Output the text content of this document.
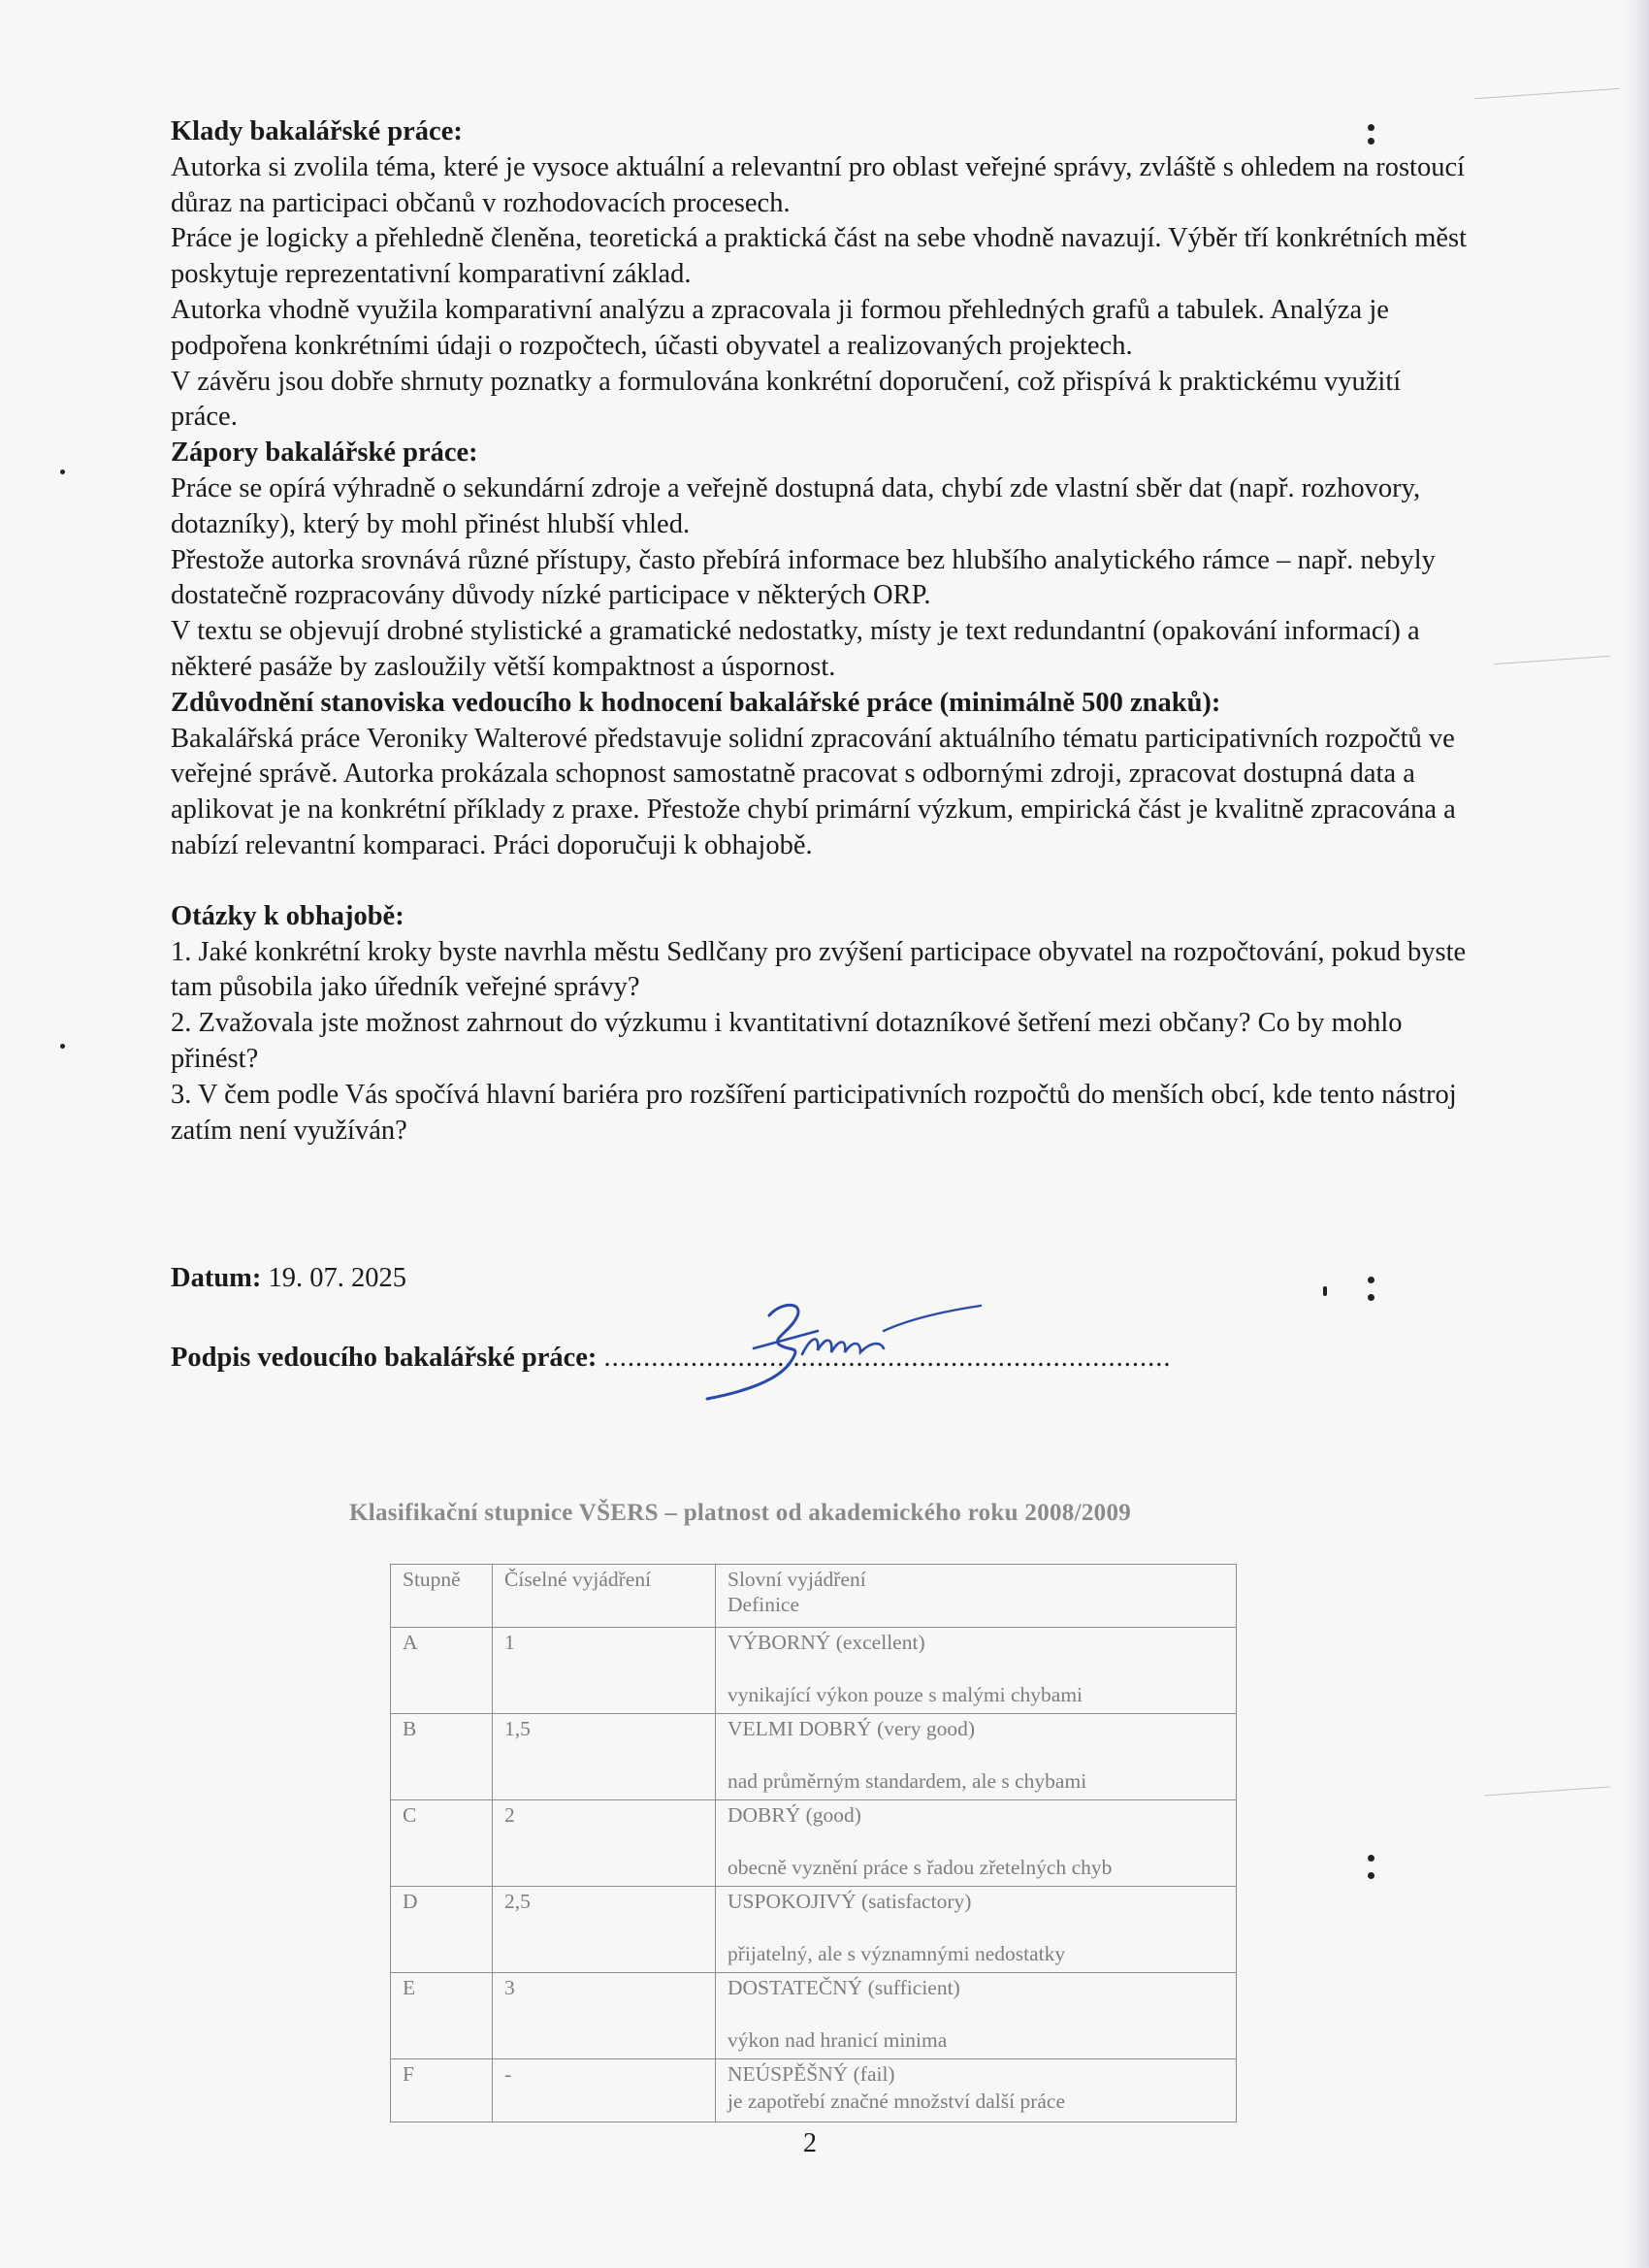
Klady bakalářské práce:

Autorka si zvolila téma, které je vysoce aktuální a relevantní pro oblast veřejné správy, zvláště s ohledem na rostoucí důraz na participaci občanů v rozhodovacích procesech.

Práce je logicky a přehledně členěna, teoretická a praktická část na sebe vhodně navazují. Výběr tří konkrétních měst poskytuje reprezentativní komparativní základ.

Autorka vhodně využila komparativní analýzu a zpracovala ji formou přehledných grafů a tabulek. Analýza je podpořena konkrétními údaji o rozpočtech, účasti obyvatel a realizovaných projektech.

V závěru jsou dobře shrnuty poznatky a formulována konkrétní doporučení, což přispívá k praktickému využití práce.

Zápory bakalářské práce:

Práce se opírá výhradně o sekundární zdroje a veřejně dostupná data, chybí zde vlastní sběr dat (např. rozhovory, dotazníky), který by mohl přinést hlubší vhled.

Přestože autorka srovnává různé přístupy, často přebírá informace bez hlubšího analytického rámce – např. nebyly dostatečně rozpracovány důvody nízké participace v některých ORP.

V textu se objevují drobné stylistické a gramatické nedostatky, místy je text redundantní (opakování informací) a některé pasáže by zasloužily větší kompaktnost a úspornost.

Zdůvodnění stanoviska vedoucího k hodnocení bakalářské práce (minimálně 500 znaků):

Bakalářská práce Veroniky Walterové představuje solidní zpracování aktuálního tématu participativních rozpočtů ve veřejné správě. Autorka prokázala schopnost samostatně pracovat s odbornými zdroji, zpracovat dostupná data a aplikovat je na konkrétní příklady z praxe. Přestože chybí primární výzkum, empirická část je kvalitně zpracována a nabízí relevantní komparaci. Práci doporučuji k obhajobě.

Otázky k obhajobě:

1. Jaké konkrétní kroky byste navrhla městu Sedlčany pro zvýšení participace obyvatel na rozpočtování, pokud byste tam působila jako úředník veřejné správy?

2. Zvažovala jste možnost zahrnout do výzkumu i kvantitativní dotazníkové šetření mezi občany? Co by mohlo přinést?

3. V čem podle Vás spočívá hlavní bariéra pro rozšíření participativních rozpočtů do menších obcí, kde tento nástroj zatím není využíván?

Datum: 19. 07. 2025
Podpis vedoucího bakalářské práce: ........................................................................
Klasifikační stupnice VŠERS – platnost od akademického roku 2008/2009
Stupně	Číselné vyjádření	Slovní vyjádření
Definice
A	1	VÝBORNÝ (excellent)
vynikající výkon pouze s malými chybami

B	1,5	VELMI DOBRÝ (very good)
nad průměrným standardem, ale s chybami

C	2	DOBRÝ (good)
obecně vyznění práce s řadou zřetelných chyb

D	2,5	USPOKOJIVÝ (satisfactory)
přijatelný, ale s významnými nedostatky

E	3	DOSTATEČNÝ (sufficient)
výkon nad hranicí minima

F	-	NEÚSPĚŠNÝ (fail)
je zapotřebí značné množství další práce
2
